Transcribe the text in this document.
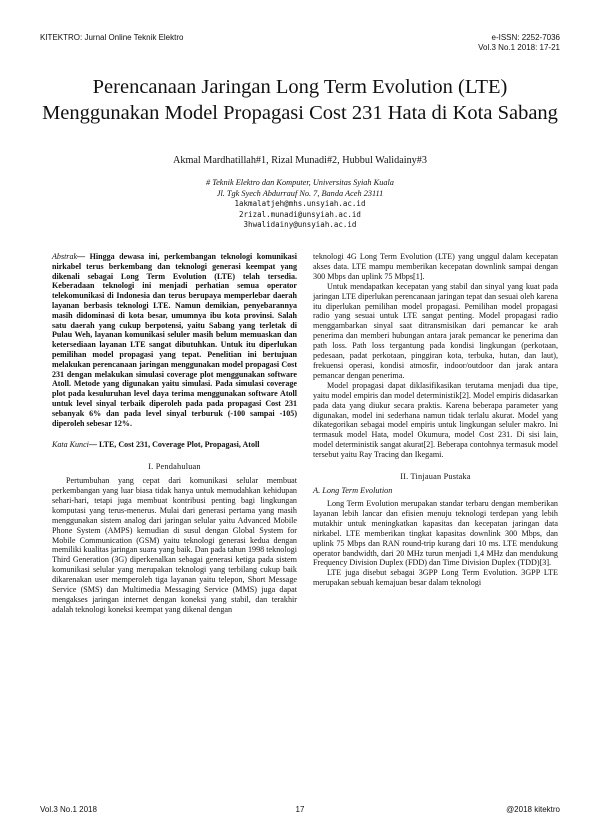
KITEKTRO: Jurnal Online Teknik Elektro	e-ISSN: 2252-7036
Vol.3 No.1 2018: 17-21
Perencanaan Jaringan Long Term Evolution (LTE) Menggunakan Model Propagasi Cost 231 Hata di Kota Sabang
Akmal Mardhatillah#1, Rizal Munadi#2, Hubbul Walidainy#3
# Teknik Elektro dan Komputer, Universitas Syiah Kuala
Jl. Tgk Syech Abdurrauf No. 7, Banda Aceh 23111
1akmalatjeh@mhs.unsyiah.ac.id
2rizal.munadi@unsyiah.ac.id
3hwalidainy@unsyiah.ac.id

Abstrak— Hingga dewasa ini, perkembangan teknologi komunikasi nirkabel terus berkembang dan teknologi generasi keempat yang dikenali sebagai Long Term Evolution (LTE) telah tersedia. Keberadaan teknologi ini menjadi perhatian semua operator telekomunikasi di Indonesia dan terus berupaya memperlebar daerah layanan berbasis teknologi LTE. Namun demikian, penyebarannya masih didominasi di kota besar, umumnya ibu kota provinsi. Salah satu daerah yang cukup berpotensi, yaitu Sabang yang terletak di Pulau Weh, layanan komunikasi seluler masih belum memuaskan dan ketersediaan layanan LTE sangat dibutuhkan. Untuk itu diperlukan pemilihan model propagasi yang tepat. Penelitian ini bertujuan melakukan perencanaan jaringan menggunakan model propagasi Cost 231 dengan melakukan simulasi coverage plot menggunakan software Atoll. Metode yang digunakan yaitu simulasi. Pada simulasi coverage plot pada kesuluruhan level daya terima menggunakan software Atoll untuk level sinyal terbaik diperoleh pada pada propagasi Cost 231 sebanyak 6% dan pada level sinyal terburuk (-100 sampai -105) diperoleh sebesar 12%.

Kata Kunci— LTE, Cost 231, Coverage Plot, Propagasi, Atoll

I. Pendahuluan

Pertumbuhan yang cepat dari komunikasi selular membuat perkembangan yang luar biasa tidak hanya untuk memudahkan kehidupan sehari-hari, tetapi juga membuat kontribusi penting bagi lingkungan komputasi yang terus-menerus. Mulai dari generasi pertama yang masih menggunakan sistem analog dari jaringan selular yaitu Advanced Mobile Phone System (AMPS) kemudian di susul dengan Global System for Mobile Communication (GSM) yaitu teknologi generasi kedua dengan memiliki kualitas jaringan suara yang baik. Dan pada tahun 1998 teknologi Third Generation (3G) diperkenalkan sebagai generasi ketiga pada sistem komunikasi selular yang merupakan teknologi yang terbilang cukup baik dikarenakan user memperoleh tiga layanan yaitu telepon, Short Message Service (SMS) dan Multimedia Messaging Service (MMS) juga dapat mengakses jaringan internet dengan koneksi yang stabil, dan terakhir adalah teknologi koneksi keempat yang dikenal dengan

teknologi 4G Long Term Evolution (LTE) yang unggul dalam kecepatan akses data. LTE mampu memberikan kecepatan downlink sampai dengan 300 Mbps dan uplink 75 Mbps[1].

Untuk mendapatkan kecepatan yang stabil dan sinyal yang kuat pada jaringan LTE diperlukan perencanaan jaringan tepat dan sesuai oleh karena itu diperlukan pemilihan model propagasi. Pemilihan model propagasi radio yang sesuai untuk LTE sangat penting. Model propagasi radio menggambarkan sinyal saat ditransmisikan dari pemancar ke arah penerima dan memberi hubungan antara jarak pemancar ke penerima dan path loss. Path loss tergantung pada kondisi lingkungan (perkotaan, pedesaan, padat perkotaan, pinggiran kota, terbuka, hutan, dan laut), frekuensi operasi, kondisi atmosfir, indoor/outdoor dan jarak antara pemancar dengan penerima.

Model propagasi dapat diklasifikasikan terutama menjadi dua tipe, yaitu model empiris dan model deterministik[2]. Model empiris didasarkan pada data yang diukur secara praktis. Karena beberapa parameter yang digunakan, model ini sederhana namun tidak terlalu akurat. Model yang dikategorikan sebagai model empiris untuk lingkungan seluler makro. Ini termasuk model Hata, model Okumura, model Cost 231. Di sisi lain, model deterministik sangat akurat[2]. Beberapa contohnya termasuk model tersebut yaitu Ray Tracing dan Ikegami.

II. Tinjauan Pustaka
A. Long Term Evolution

Long Term Evolution merupakan standar terbaru dengan memberikan layanan lebih lancar dan efisien menuju teknologi terdepan yang lebih mutakhir untuk meningkatkan kapasitas dan kecepatan jaringan data nirkabel. LTE memberikan tingkat kapasitas downlink 300 Mbps, dan uplink 75 Mbps dan RAN round-trip kurang dari 10 ms. LTE mendukung operator bandwidth, dari 20 MHz turun menjadi 1,4 MHz dan mendukung Frequency Division Duplex (FDD) dan Time Division Duplex (TDD)[3].

LTE juga disebut sebagai 3GPP Long Term Evolution. 3GPP LTE merupakan sebuah kemajuan besar dalam teknologi

Vol.3 No.1 2018	17	@2018 kitektro
